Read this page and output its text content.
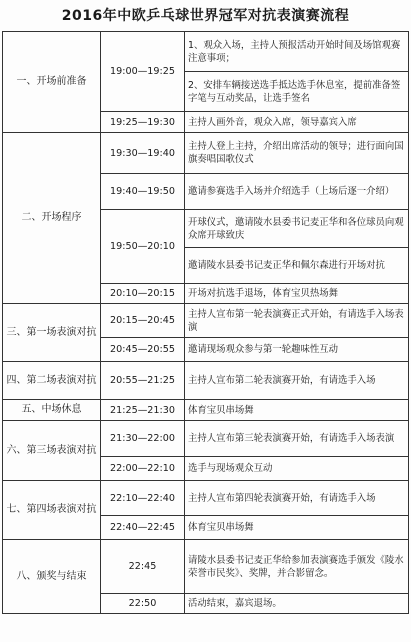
2016年中欧乒乓球世界冠军对抗表演赛流程
一、开场前准备	19:00—19:25	1、观众入场，主持人预报活动开始时间及场馆观赛注意事项；
		2、安排车辆接送选手抵达选手休息室，提前准备签字笔与互动奖品，让选手签名
	19:25—19:30	主持人画外音，观众入席，领导嘉宾入席
二、开场程序	19:30—19:40	主持人登上主持，介绍出席活动的领导；进行面向国旗奏唱国歌仪式
	19:40—19:50	邀请参赛选手入场并介绍选手（上场后逐一介绍）
	19:50—20:10	开球仪式，邀请陵水县委书记麦正华和各位球员向观众席开球致庆
		邀请陵水县委书记麦正华和佩尔森进行开场对抗
	20:10—20:15	开场对抗选手退场，体育宝贝热场舞
三、第一场表演对抗	20:15—20:45	主持人宣布第一轮表演赛正式开始，有请选手入场表演
	20:45—20:55	邀请现场观众参与第一轮趣味性互动
四、第二场表演对抗	20:55—21:25	主持人宣布第二轮表演赛开始，有请选手入场
五、中场休息	21:25—21:30	体育宝贝串场舞
六、第三场表演对抗	21:30—22:00	主持人宣布第三轮表演赛开始，有请选手入场表演
	22:00—22:10	选手与现场观众互动
七、第四场表演对抗	22:10—22:40	主持人宣布第四轮表演赛开始，有请选手入场
	22:40—22:45	体育宝贝串场舞
八、颁奖与结束	22:45	请陵水县委书记麦正华给参加表演赛选手颁发《陵水荣誉市民奖》、奖牌，并合影留念。
	22:50	活动结束，嘉宾退场。
